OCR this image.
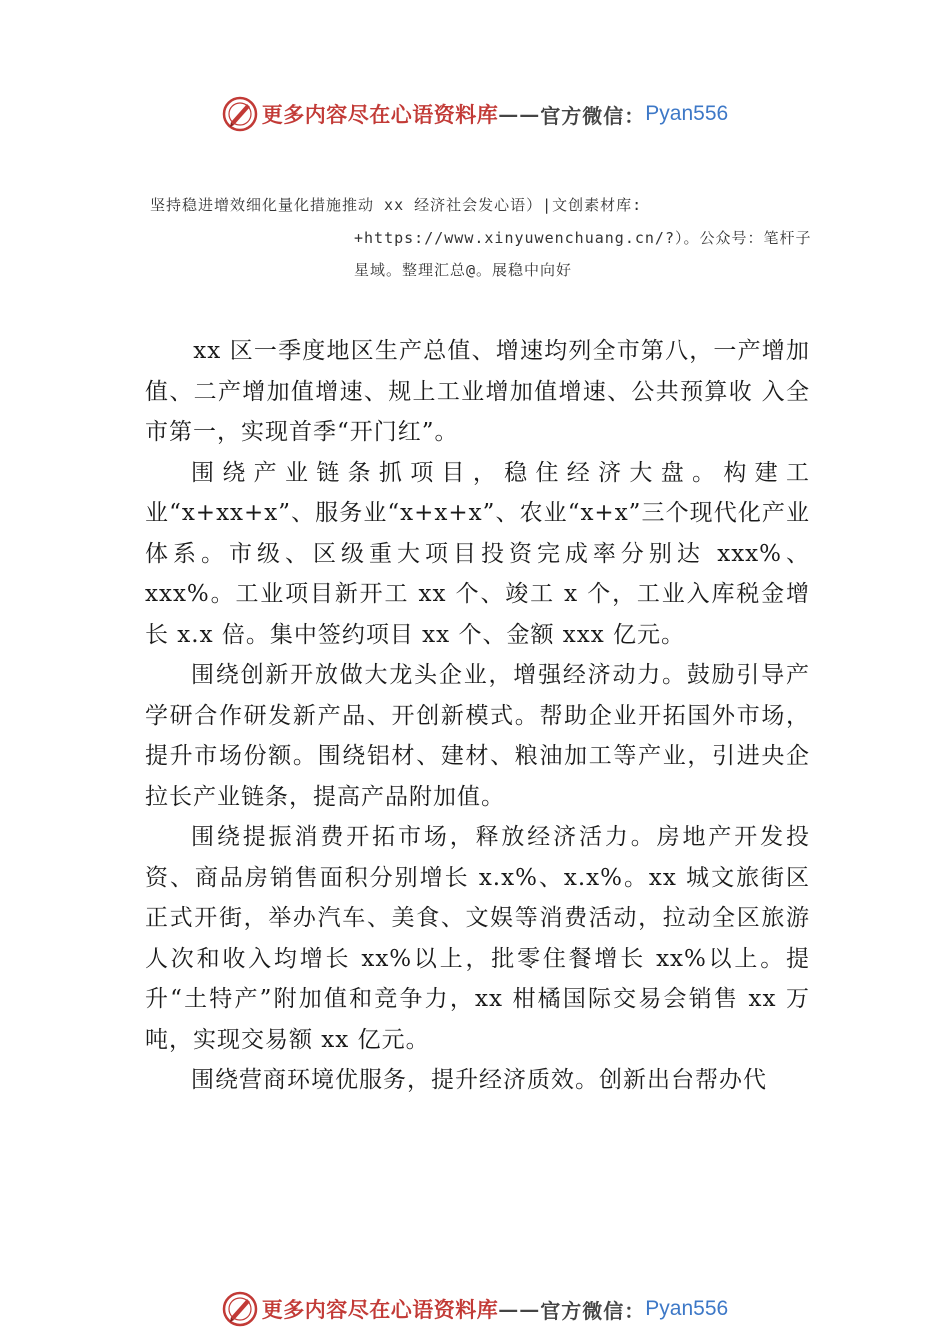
更多内容尽在心语资料库 —— 官方微信： Pyan556
坚持稳进增效细化量化措施推动 xx 经济社会发心语）|文创素材库:
+https://www.xinyuwenchuang.cn/?）。公众号：笔杆子
星域。整理汇总@。展稳中向好

xx 区一季度地区生产总值、增速均列全市第八，一产增加值、二产增加值增速、规上工业增加值增速、公共预算收 入全市第一，实现首季“开门红”。

围绕产业链条抓项目，稳住经济大盘。构建工业“x+xx+x”、服务业“x+x+x”、农业“x+x”三个现代化产业体系。市级、区级重大项目投资完成率分别达 xxx%、xxx%。工业项目新开工 xx 个、竣工 x 个，工业入库税金增长 x.x 倍。集中签约项目 xx 个、金额 xxx 亿元。

围绕创新开放做大龙头企业，增强经济动力。鼓励引导产学研合作研发新产品、开创新模式。帮助企业开拓国外市场，提升市场份额。围绕铝材、建材、粮油加工等产业，引进央企拉长产业链条，提高产品附加值。

围绕提振消费开拓市场，释放经济活力。房地产开发投资、商品房销售面积分别增长 x.x%、x.x%。xx 城文旅街区正式开街，举办汽车、美食、文娱等消费活动，拉动全区旅游人次和收入均增长 xx%以上，批零住餐增长 xx%以上。提升“土特产”附加值和竞争力，xx 柑橘国际交易会销售 xx 万吨，实现交易额 xx 亿元。

围绕营商环境优服务，提升经济质效。创新出台帮办代

更多内容尽在心语资料库 —— 官方微信： Pyan556
